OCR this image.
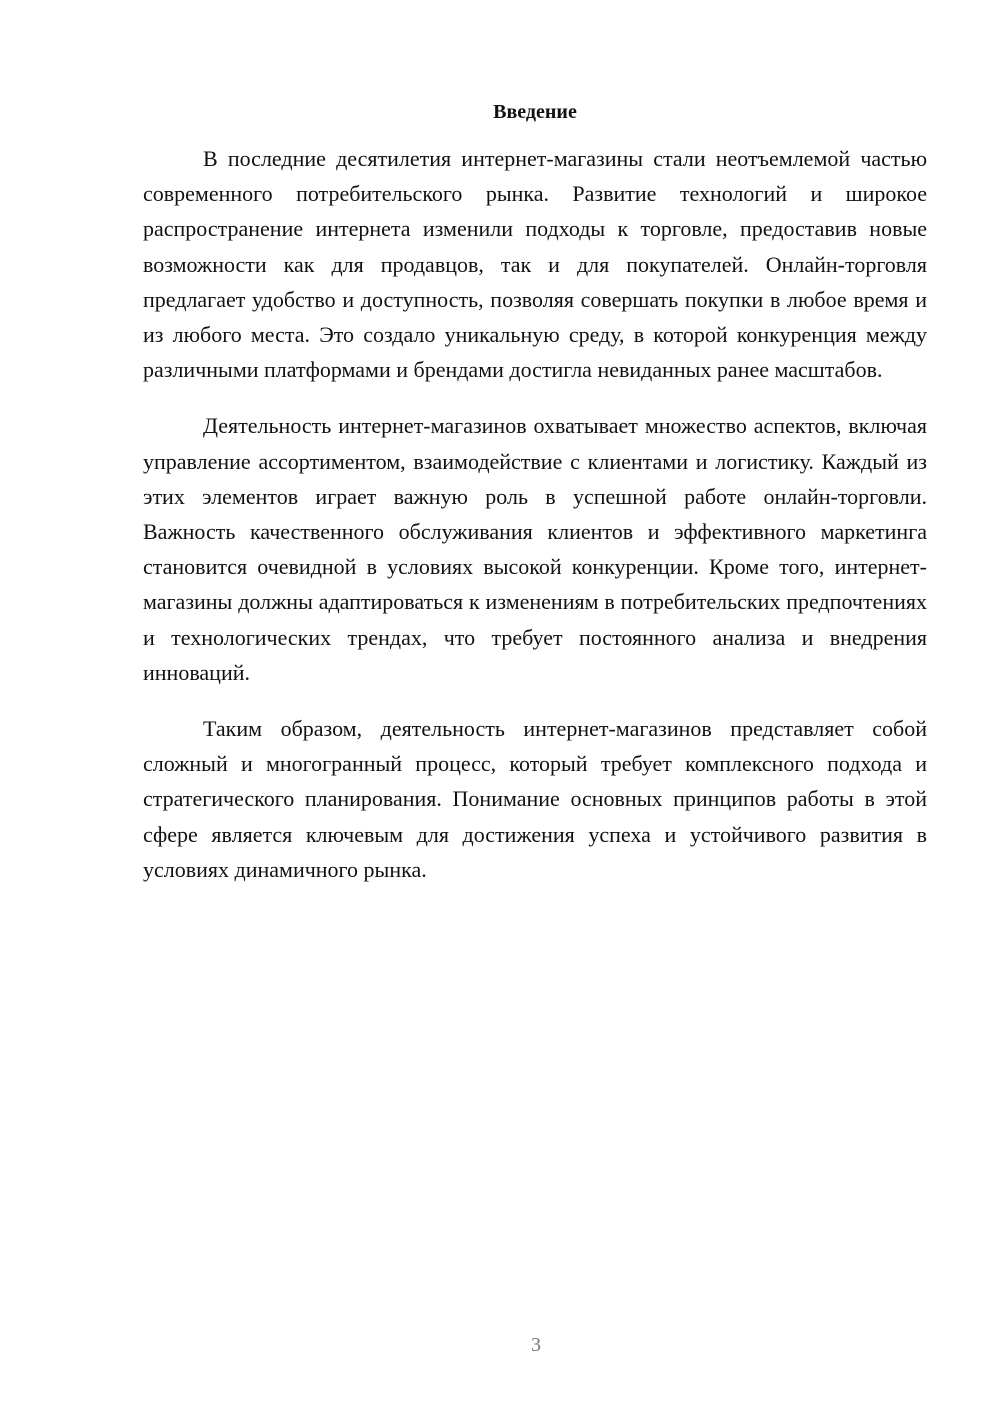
Введение

В последние десятилетия интернет-магазины стали неотъемлемой частью современного потребительского рынка. Развитие технологий и широкое распространение интернета изменили подходы к торговле, предоставив новые возможности как для продавцов, так и для покупателей. Онлайн-торговля предлагает удобство и доступность, позволяя совершать покупки в любое время и из любого места. Это создало уникальную среду, в которой конкуренция между различными платформами и брендами достигла невиданных ранее масштабов.

Деятельность интернет-магазинов охватывает множество аспектов, включая управление ассортиментом, взаимодействие с клиентами и логистику. Каждый из этих элементов играет важную роль в успешной работе онлайн-торговли. Важность качественного обслуживания клиентов и эффективного маркетинга становится очевидной в условиях высокой конкуренции. Кроме того, интернет-магазины должны адаптироваться к изменениям в потребительских предпочтениях и технологических трендах, что требует постоянного анализа и внедрения инноваций.

Таким образом, деятельность интернет-магазинов представляет собой сложный и многогранный процесс, который требует комплексного подхода и стратегического планирования. Понимание основных принципов работы в этой сфере является ключевым для достижения успеха и устойчивого развития в условиях динамичного рынка.

3
